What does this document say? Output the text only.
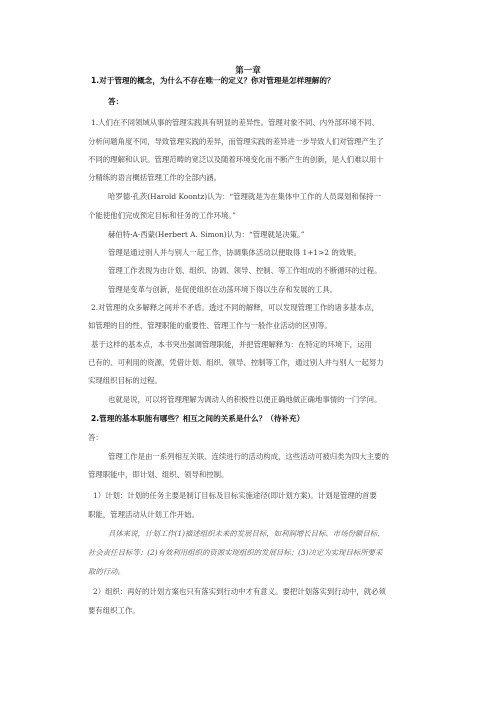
第一章
1.对于管理的概念，为什么不存在唯一的定义？你对管理是怎样理解的？
答：
1.人们在不同领域从事的管理实践具有明显的差异性。管理对象不同、内外部环境不同、
分析问题角度不同，导致管理实践的差异，而管理实践的差异进一步导致人们对管理产生了
不同的理解和认识。管理范畴的宽泛以及随着环境变化而不断产生的创新，是人们难以用十
分精练的语言概括管理工作的全部内涵。
哈罗德·孔茨(Harold Koontz)认为：“管理就是为在集体中工作的人员谋划和保持一
个能使他们完成预定目标和任务的工作环境。”
赫伯特·A·西蒙(Herbert A. Simon)认为：“管理就是决策。”
管理是通过别人并与别人一起工作，协调集体活动以便取得 1+1>2 的效果。
管理工作表现为由计划、组织、协调、领导、控制、等工作组成的不断循环的过程。
管理是变革与创新，是促使组织在动荡环境下得以生存和发展的工具。
2.对管理的众多解释之间并不矛盾。透过不同的解释，可以发现管理工作的诸多基本点，
如管理的目的性、管理职能的重要性、管理工作与一般作业活动的区别等。
基于这样的基本点，本书突出强调管理职能，并把管理解释为：在特定的环境下，运用
已有的、可利用的资源，凭借计划、组织、领导、控制等工作，通过别人并与别人一起努力
实现组织目标的过程。
也就是说，可以将管理理解为调动人的积极性以便正确地做正确地事情的一门学问。
2.管理的基本职能有哪些？相互之间的关系是什么？（待补充）
答：
管理工作是由一系列相互关联、连续进行的活动构成，这些活动可被归类为四大主要的
管理职能中，即计划、组织、领导和控制。
1）计划：计划的任务主要是制订目标及目标实施途径(即计划方案)。计划是管理的首要
职能，管理活动从计划工作开始。
具体来说，计划工作(1)描述组织未来的发展目标，如利润增长目标、市场份额目标、
社会责任目标等；(2)有效利用组织的资源实现组织的发展目标；(3)决定为实现目标所要采
取的行动。
2）组织：再好的计划方案也只有落实到行动中才有意义。要把计划落实到行动中，就必须
要有组织工作。
